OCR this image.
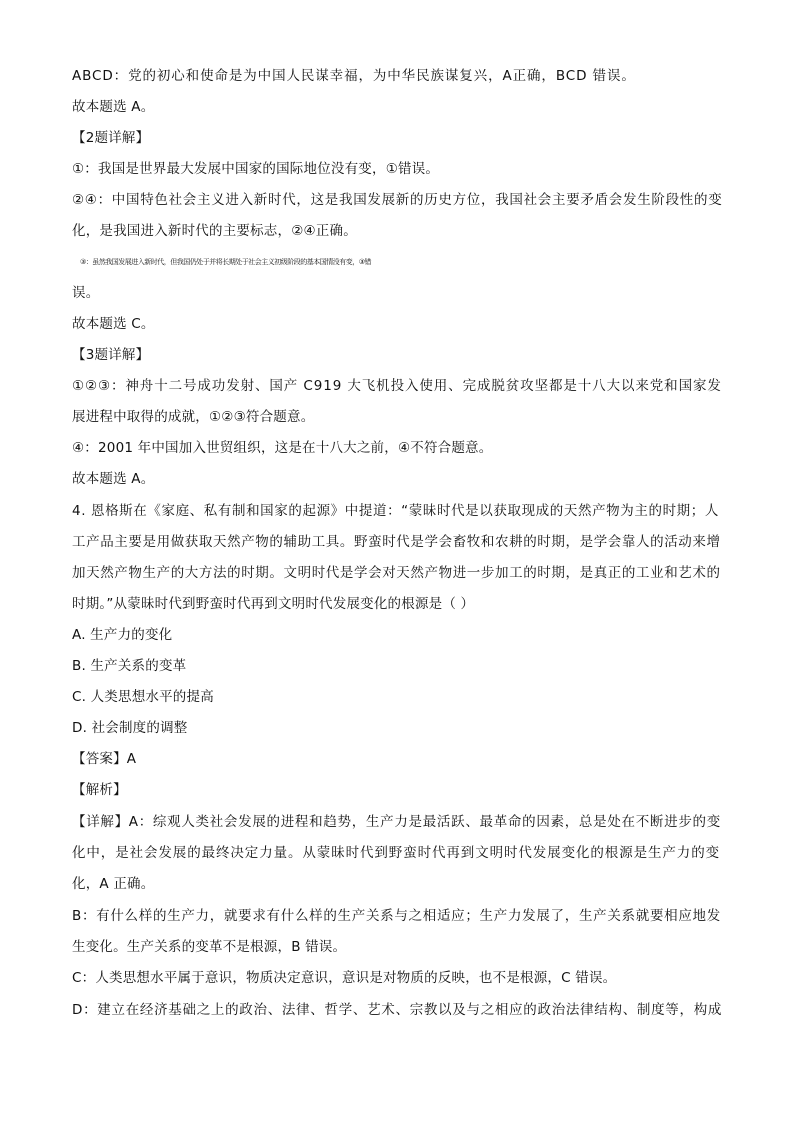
ABCD：党的初心和使命是为中国人民谋幸福，为中华民族谋复兴，A正确，BCD 错误。
故本题选 A。
【2题详解】
①：我国是世界最大发展中国家的国际地位没有变，①错误。
②④：中国特色社会主义进入新时代，这是我国发展新的历史方位，我国社会主要矛盾会发生阶段性的变
化，是我国进入新时代的主要标志，②④正确。
③：虽然我国发展进入新时代，但我国仍处于并将长期处于社会主义初级阶段的基本国情没有变，③错
误。
故本题选 C。
【3题详解】
①②③：神舟十二号成功发射、国产 C919 大飞机投入使用、完成脱贫攻坚都是十八大以来党和国家发
展进程中取得的成就，①②③符合题意。
④：2001 年中国加入世贸组织，这是在十八大之前，④不符合题意。
故本题选 A。
4. 恩格斯在《家庭、私有制和国家的起源》中提道：“蒙昧时代是以获取现成的天然产物为主的时期；人
工产品主要是用做获取天然产物的辅助工具。野蛮时代是学会畜牧和农耕的时期，是学会靠人的活动来增
加天然产物生产的大方法的时期。文明时代是学会对天然产物进一步加工的时期，是真正的工业和艺术的
时期。”从蒙昧时代到野蛮时代再到文明时代发展变化的根源是（ ）
A. 生产力的变化
B. 生产关系的变革
C. 人类思想水平的提高
D. 社会制度的调整
【答案】A
【解析】
【详解】A：综观人类社会发展的进程和趋势，生产力是最活跃、最革命的因素，总是处在不断进步的变
化中，是社会发展的最终决定力量。从蒙昧时代到野蛮时代再到文明时代发展变化的根源是生产力的变
化，A 正确。
B：有什么样的生产力，就要求有什么样的生产关系与之相适应；生产力发展了，生产关系就要相应地发
生变化。生产关系的变革不是根源，B 错误。
C：人类思想水平属于意识，物质决定意识，意识是对物质的反映，也不是根源，C 错误。
D：建立在经济基础之上的政治、法律、哲学、艺术、宗教以及与之相应的政治法律结构、制度等，构成
